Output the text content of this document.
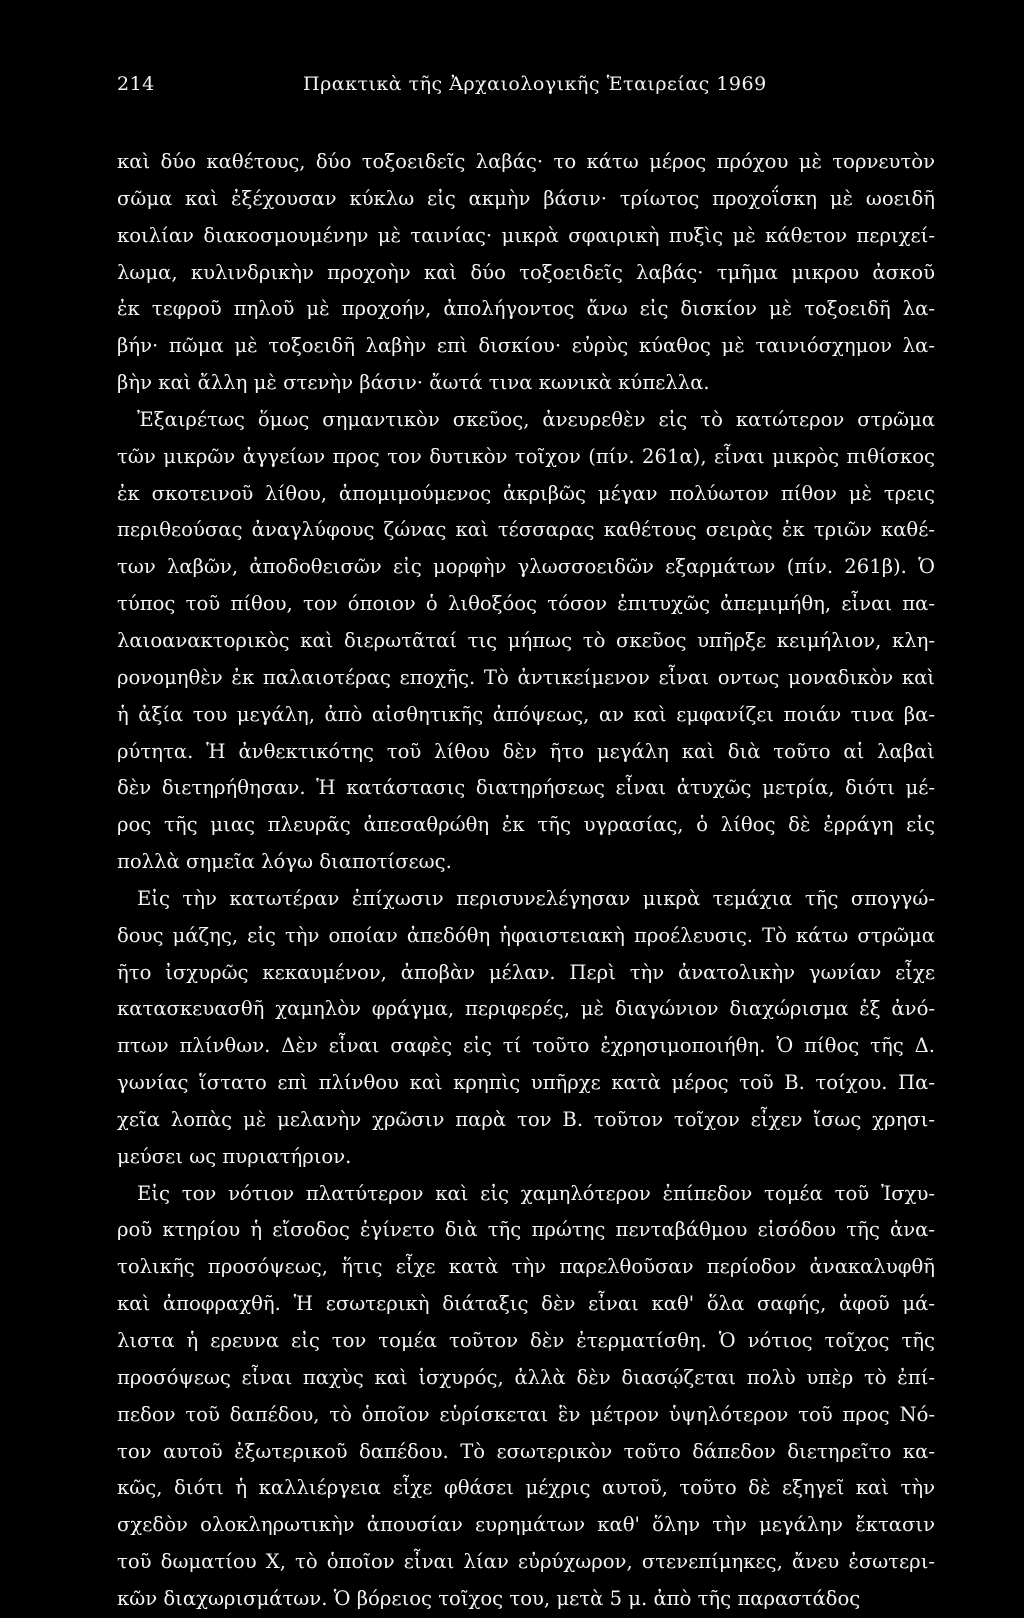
214	Πρακτικὰ τῆς Ἀρχαιολογικῆς Ἑταιρείας 1969
καὶ δύο καθέτους, δύο τοξοειδεῖς λαβάς· το κάτω μέρος πρόχου μὲ τορνευτὸν
σῶμα καὶ ἐξέχουσαν κύκλω εἰς ακμὴν βάσιν· τρίωτος προχοΐσκη μὲ ωοειδῆ
κοιλίαν διακοσμουμένην μὲ ταινίας· μικρὰ σφαιρικὴ πυξὶς μὲ κάθετον περιχεί-
λωμα, κυλινδρικὴν προχοὴν καὶ δύο τοξοειδεῖς λαβάς· τμῆμα μικρου ἀσκοῦ
ἐκ τεφροῦ πηλοῦ μὲ προχοήν, ἀπολήγοντος ἄνω εἰς δισκίον μὲ τοξοειδῆ λα-
βήν· πῶμα μὲ τοξοειδῆ λαβὴν επὶ δισκίου· εὐρὺς κύαθος μὲ ταινιόσχημον λα-
βὴν καὶ ἄλλη μὲ στενὴν βάσιν· ἄωτά τινα κωνικὰ κύπελλα.
Ἐξαιρέτως ὅμως σημαντικὸν σκεῦος, ἀνευρεθὲν εἰς τὸ κατώτερον στρῶμα
τῶν μικρῶν ἀγγείων προς τον δυτικὸν τοῖχον (πίν. 261α), εἶναι μικρὸς πιθίσκος
ἐκ σκοτεινοῦ λίθου, ἀπομιμούμενος ἀκριβῶς μέγαν πολύωτον πίθον μὲ τρεις
περιθεούσας ἀναγλύφους ζώνας καὶ τέσσαρας καθέτους σειρὰς ἐκ τριῶν καθέ-
των λαβῶν, ἀποδοθεισῶν εἰς μορφὴν γλωσσοειδῶν εξαρμάτων (πίν. 261β). Ὁ
τύπος τοῦ πίθου, τον όποιον ὁ λιθοξόος τόσον ἐπιτυχῶς ἀπεμιμήθη, εἶναι πα-
λαιοανακτορικὸς καὶ διερωτᾶταί τις μήπως τὸ σκεῦος υπῆρξε κειμήλιον, κλη-
ρονομηθὲν ἐκ παλαιοτέρας εποχῆς. Τὸ ἀντικείμενον εἶναι οντως μοναδικὸν καὶ
ἡ ἀξία του μεγάλη, ἀπὸ αἰσθητικῆς ἀπόψεως, αν καὶ εμφανίζει ποιάν τινα βα-
ρύτητα. Ἡ ἀνθεκτικότης τοῦ λίθου δὲν ῆτο μεγάλη καὶ διὰ τοῦτο αἱ λαβαὶ
δὲν διετηρήθησαν. Ἡ κατάστασις διατηρήσεως εἶναι ἀτυχῶς μετρία, διότι μέ-
ρος τῆς μιας πλευρᾶς ἀπεσαθρώθη ἐκ τῆς υγρασίας, ὁ λίθος δὲ ἐρράγη εἰς
πολλὰ σημεῖα λόγω διαποτίσεως.
Εἰς τὴν κατωτέραν ἐπίχωσιν περισυνελέγησαν μικρὰ τεμάχια τῆς σπογγώ-
δους μάζης, εἰς τὴν οποίαν ἀπεδόθη ἡφαιστειακὴ προέλευσις. Τὸ κάτω στρῶμα
ῆτο ἰσχυρῶς κεκαυμένον, ἀποβὰν μέλαν. Περὶ τὴν ἀνατολικὴν γωνίαν εἶχε
κατασκευασθῆ χαμηλὸν φράγμα, περιφερές, μὲ διαγώνιον διαχώρισμα ἐξ ἀνό-
πτων πλίνθων. Δὲν εἶναι σαφὲς εἰς τί τοῦτο ἐχρησιμοποιήθη. Ὁ πίθος τῆς Δ.
γωνίας ἵστατο επὶ πλίνθου καὶ κρηπὶς υπῆρχε κατὰ μέρος τοῦ Β. τοίχου. Πα-
χεῖα λοπὰς μὲ μελανὴν χρῶσιν παρὰ τον Β. τοῦτον τοῖχον εἶχεν ἴσως χρησι-
μεύσει ως πυριατήριον.
Εἰς τον νότιον πλατύτερον καὶ εἰς χαμηλότερον ἐπίπεδον τομέα τοῦ Ἰσχυ-
ροῦ κτηρίου ἡ εἴσοδος ἐγίνετο διὰ τῆς πρώτης πενταβάθμου εἰσόδου τῆς ἀνα-
τολικῆς προσόψεως, ἥτις εἶχε κατὰ τὴν παρελθοῦσαν περίοδον ἀνακαλυφθῆ
καὶ ἀποφραχθῆ. Ἡ εσωτερικὴ διάταξις δὲν εἶναι καθ' ὅλα σαφής, ἀφοῦ μά-
λιστα ἡ ερευνα εἰς τον τομέα τοῦτον δὲν ἐτερματίσθη. Ὁ νότιος τοῖχος τῆς
προσόψεως εἶναι παχὺς καὶ ἰσχυρός, ἀλλὰ δὲν διασῴζεται πολὺ υπὲρ τὸ ἐπί-
πεδον τοῦ δαπέδου, τὸ ὁποῖον εὑρίσκεται ἓν μέτρον ὑψηλότερον τοῦ προς Νό-
τον αυτοῦ ἐξωτερικοῦ δαπέδου. Τὸ εσωτερικὸν τοῦτο δάπεδον διετηρεῖτο κα-
κῶς, διότι ἡ καλλιέργεια εἶχε φθάσει μέχρις αυτοῦ, τοῦτο δὲ εξηγεῖ καὶ τὴν
σχεδὸν ολοκληρωτικὴν ἀπουσίαν ευρημάτων καθ' ὅλην τὴν μεγάλην ἔκτασιν
τοῦ δωματίου Χ, τὸ ὁποῖον εἶναι λίαν εὐρύχωρον, στενεπίμηκες, ἄνευ ἐσωτερι-
κῶν διαχωρισμάτων. Ὁ βόρειος τοῖχος του, μετὰ 5 μ. ἀπὸ τῆς παραστάδος
